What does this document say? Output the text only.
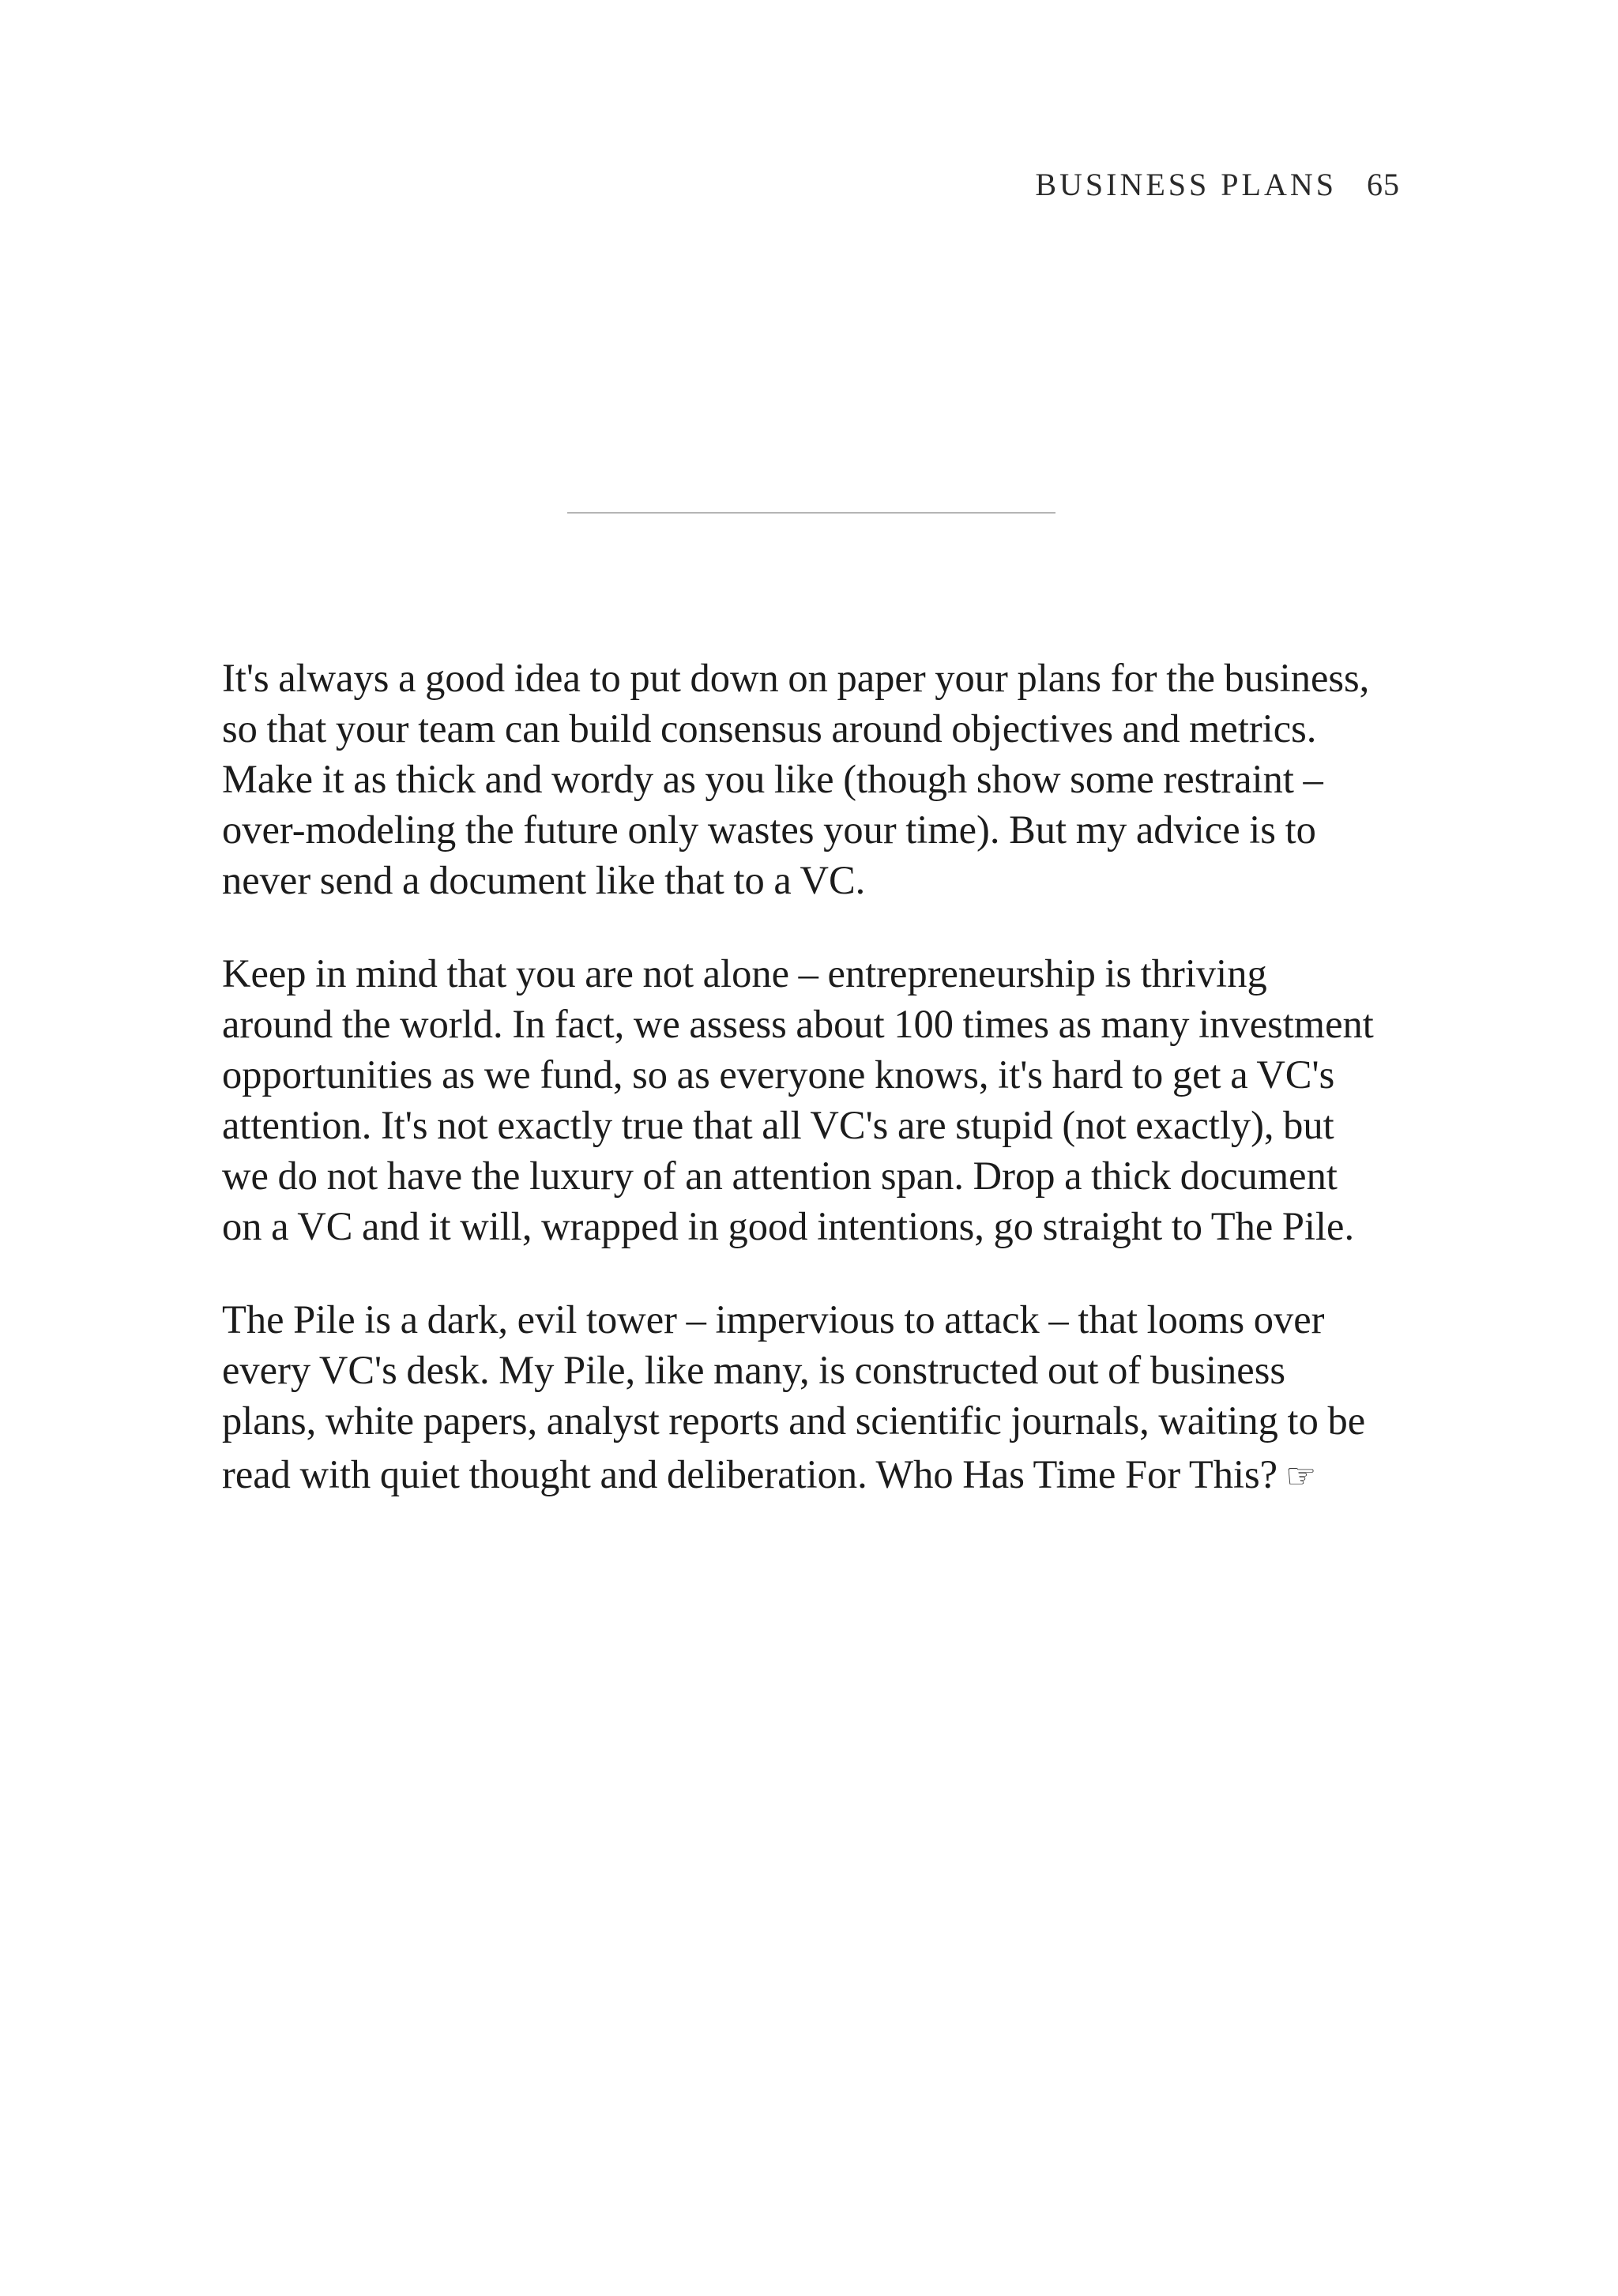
BUSINESS PLANS 65

It's always a good idea to put down on paper your plans for the business,
so that your team can build consensus around objectives and metrics.
Make it as thick and wordy as you like (though show some restraint –
over-modeling the future only wastes your time). But my advice is to
never send a document like that to a VC.

Keep in mind that you are not alone – entrepreneurship is thriving
around the world. In fact, we assess about 100 times as many investment
opportunities as we fund, so as everyone knows, it's hard to get a VC's
attention. It's not exactly true that all VC's are stupid (not exactly), but
we do not have the luxury of an attention span. Drop a thick document
on a VC and it will, wrapped in good intentions, go straight to The Pile.

The Pile is a dark, evil tower – impervious to attack – that looms over
every VC's desk. My Pile, like many, is constructed out of business
plans, white papers, analyst reports and scientific journals, waiting to be
read with quiet thought and deliberation. Who Has Time For This? ☞
